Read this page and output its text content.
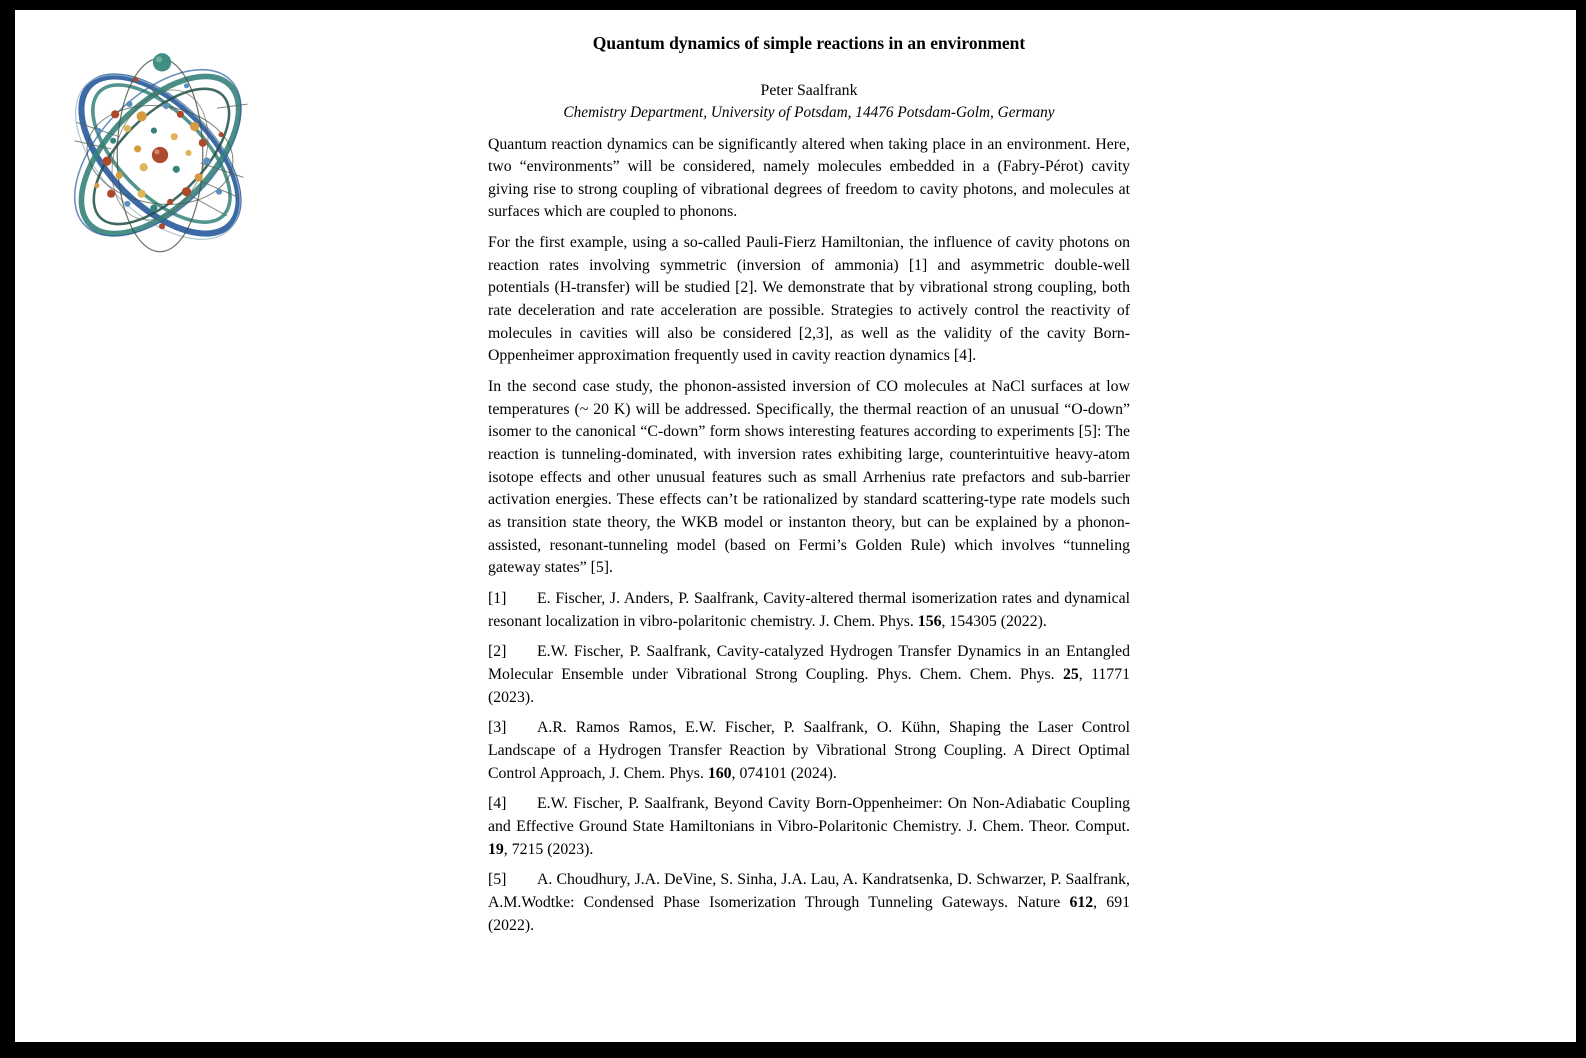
Quantum dynamics of simple reactions in an environment
Peter Saalfrank
Chemistry Department, University of Potsdam, 14476 Potsdam-Golm, Germany

Quantum reaction dynamics can be significantly altered when taking place in an environment. Here, two “environments” will be considered, namely molecules embedded in a (Fabry-Pérot) cavity giving rise to strong coupling of vibrational degrees of freedom to cavity photons, and molecules at surfaces which are coupled to phonons.

For the first example, using a so-called Pauli-Fierz Hamiltonian, the influence of cavity photons on reaction rates involving symmetric (inversion of ammonia) [1] and asymmetric double-well potentials (H-transfer) will be studied [2]. We demonstrate that by vibrational strong coupling, both rate deceleration and rate acceleration are possible. Strategies to actively control the reactivity of molecules in cavities will also be considered [2,3], as well as the validity of the cavity Born-Oppenheimer approximation frequently used in cavity reaction dynamics [4].

In the second case study, the phonon-assisted inversion of CO molecules at NaCl surfaces at low temperatures (~ 20 K) will be addressed. Specifically, the thermal reaction of an unusual “O-down” isomer to the canonical “C-down” form shows interesting features according to experiments [5]: The reaction is tunneling-dominated, with inversion rates exhibiting large, counterintuitive heavy-atom isotope effects and other unusual features such as small Arrhenius rate prefactors and sub-barrier activation energies. These effects can’t be rationalized by standard scattering-type rate models such as transition state theory, the WKB model or instanton theory, but can be explained by a phonon-assisted, resonant-tunneling model (based on Fermi’s Golden Rule) which involves “tunneling gateway states” [5].

[1] E. Fischer, J. Anders, P. Saalfrank, Cavity-altered thermal isomerization rates and dynamical resonant localization in vibro-polaritonic chemistry. J. Chem. Phys. 156, 154305 (2022).

[2] E.W. Fischer, P. Saalfrank, Cavity-catalyzed Hydrogen Transfer Dynamics in an Entangled Molecular Ensemble under Vibrational Strong Coupling. Phys. Chem. Chem. Phys. 25, 11771 (2023).

[3] A.R. Ramos Ramos, E.W. Fischer, P. Saalfrank, O. Kühn, Shaping the Laser Control Landscape of a Hydrogen Transfer Reaction by Vibrational Strong Coupling. A Direct Optimal Control Approach, J. Chem. Phys. 160, 074101 (2024).

[4] E.W. Fischer, P. Saalfrank, Beyond Cavity Born-Oppenheimer: On Non-Adiabatic Coupling and Effective Ground State Hamiltonians in Vibro-Polaritonic Chemistry. J. Chem. Theor. Comput. 19, 7215 (2023).

[5] A. Choudhury, J.A. DeVine, S. Sinha, J.A. Lau, A. Kandratsenka, D. Schwarzer, P. Saalfrank, A.M.Wodtke: Condensed Phase Isomerization Through Tunneling Gateways. Nature 612, 691 (2022).
